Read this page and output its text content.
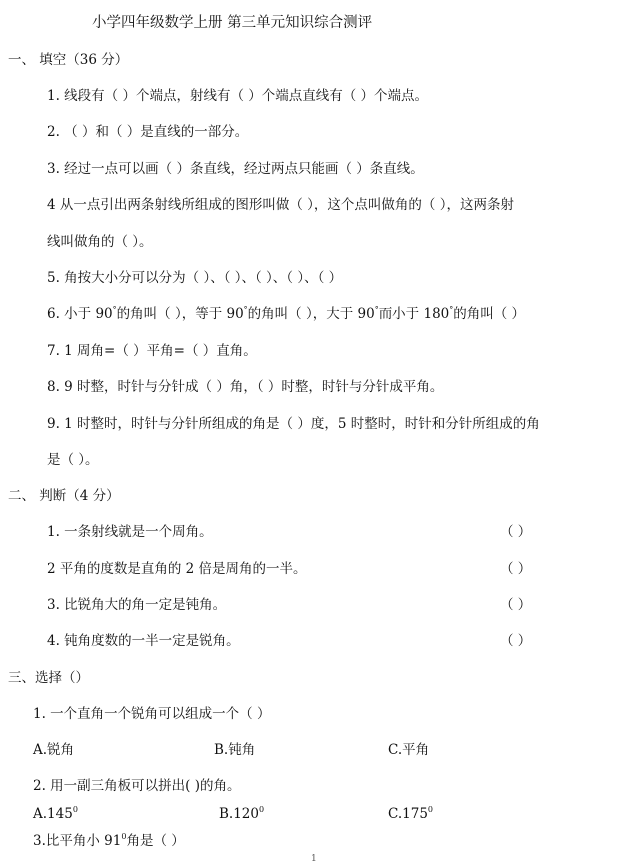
小学四年级数学上册 第三单元知识综合测评
一、 填空（36 分）
1. 线段有（ ）个端点，射线有（ ）个端点直线有（ ）个端点。
2. （ ）和（ ）是直线的一部分。
3. 经过一点可以画（ ）条直线，经过两点只能画（ ）条直线。
4 从一点引出两条射线所组成的图形叫做（ ），这个点叫做角的（ ），这两条射
线叫做角的（ ）。
5. 角按大小分可以分为（ ）、（ ）、（ ）、（ ）、（ ）
6. 小于 90°的角叫（ ），等于 90°的角叫（ ），大于 90°而小于 180°的角叫（ ）
7. 1 周角=（ ）平角=（ ）直角。
8. 9 时整，时针与分针成（ ）角，（ ）时整，时针与分针成平角。
9. 1 时整时，时针与分针所组成的角是（ ）度，5 时整时，时针和分针所组成的角
是（ ）。
二、 判断（4 分）
1. 一条射线就是一个周角。	（ ）
2 平角的度数是直角的 2 倍是周角的一半。	（ ）
3. 比锐角大的角一定是钝角。	（ ）
4. 钝角度数的一半一定是锐角。	（ ）
三、选择（）
1. 一个直角一个锐角可以组成一个（ ）
A.锐角	B.钝角	C.平角
2. 用一副三角板可以拼出( )的角。
A.145$^0$	B.120$^0$	C.175$^0$
3.比平角小 $91^0$角是（ ）
1
